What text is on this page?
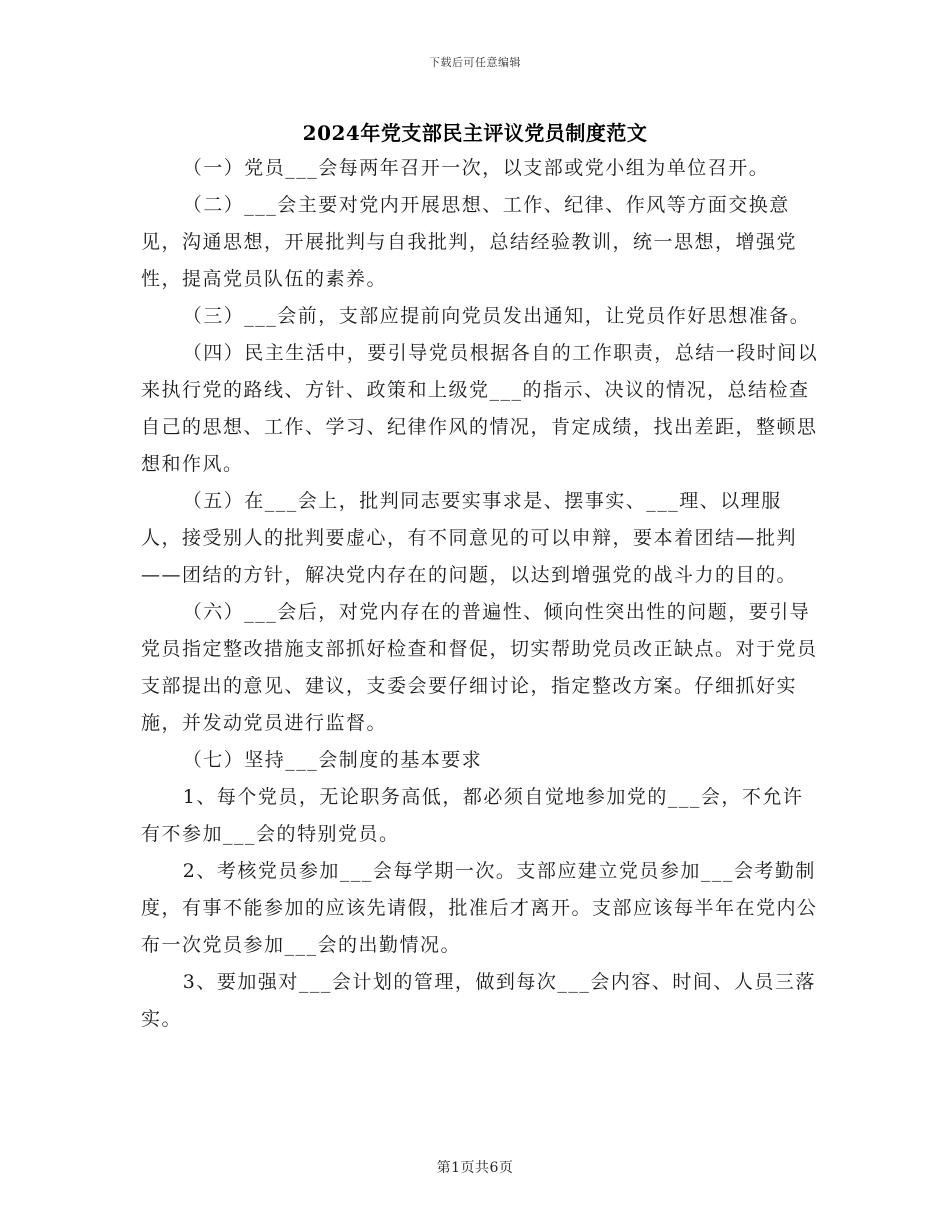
下载后可任意编辑
2024年党支部民主评议党员制度范文

（一）党员___会每两年召开一次，以支部或党小组为单位召开。

（二）___会主要对党内开展思想、工作、纪律、作风等方面交换意见，沟通思想，开展批判与自我批判，总结经验教训，统一思想，增强党性，提高党员队伍的素养。

（三）___会前，支部应提前向党员发出通知，让党员作好思想准备。

（四）民主生活中，要引导党员根据各自的工作职责，总结一段时间以来执行党的路线、方针、政策和上级党___的指示、决议的情况，总结检查自己的思想、工作、学习、纪律作风的情况，肯定成绩，找出差距，整顿思想和作风。

（五）在___会上，批判同志要实事求是、摆事实、___理、以理服人，接受别人的批判要虚心，有不同意见的可以申辩，要本着团结—批判——团结的方针，解决党内存在的问题，以达到增强党的战斗力的目的。

（六）___会后，对党内存在的普遍性、倾向性突出性的问题，要引导党员指定整改措施支部抓好检查和督促，切实帮助党员改正缺点。对于党员支部提出的意见、建议，支委会要仔细讨论，指定整改方案。仔细抓好实施，并发动党员进行监督。

（七）坚持___会制度的基本要求

1、每个党员，无论职务高低，都必须自觉地参加党的___会，不允许有不参加___会的特别党员。

2、考核党员参加___会每学期一次。支部应建立党员参加___会考勤制度，有事不能参加的应该先请假，批准后才离开。支部应该每半年在党内公布一次党员参加___会的出勤情况。

3、要加强对___会计划的管理，做到每次___会内容、时间、人员三落实。

第1页共6页
